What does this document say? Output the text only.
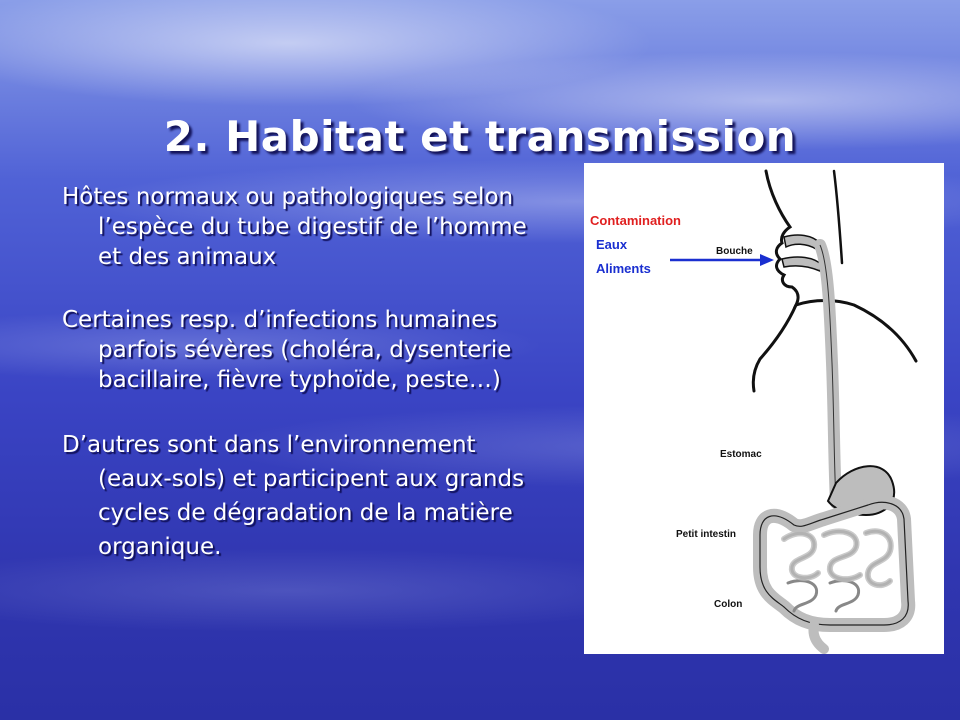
2. Habitat et transmission

Hôtes normaux ou pathologiques selon l’espèce du tube digestif de l’homme et des animaux

Certaines resp. d’infections humaines parfois sévères (choléra, dysenterie bacillaire, fièvre typhoïde, peste…)

D’autres sont dans l’environnement (eaux-sols) et participent aux grands cycles de dégradation de la matière organique.

Contamination
Eaux
Aliments
Bouche
Estomac
Petit intestin
Colon
